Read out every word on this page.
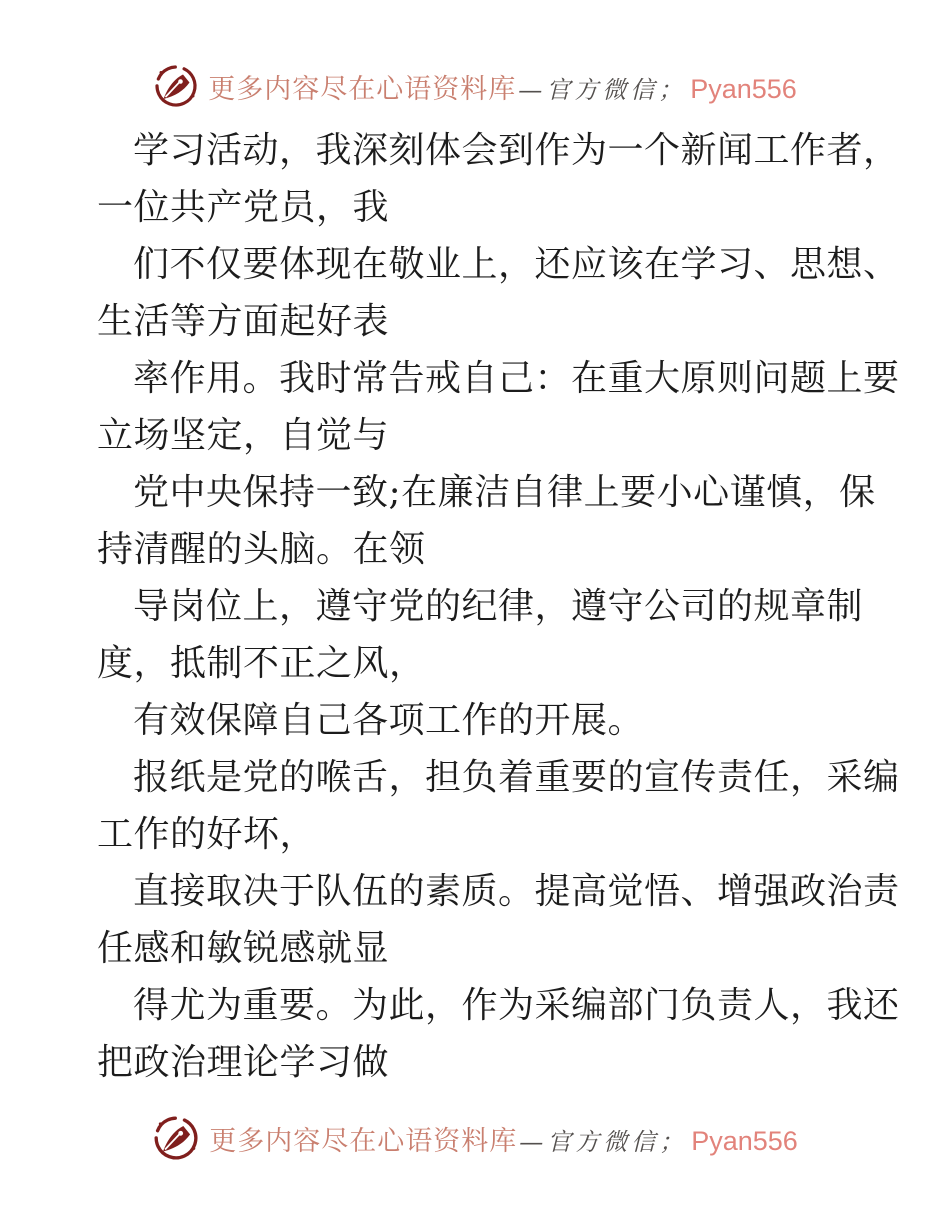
更多内容尽在心语资料库 —官方微信； Pyan556
学习活动，我深刻体会到作为一个新闻工作者，
一位共产党员，我
们不仅要体现在敬业上，还应该在学习、思想、
生活等方面起好表
率作用。我时常告戒自己：在重大原则问题上要
立场坚定，自觉与
党中央保持一致;在廉洁自律上要小心谨慎，保
持清醒的头脑。在领
导岗位上，遵守党的纪律，遵守公司的规章制
度，抵制不正之风，
有效保障自己各项工作的开展。
报纸是党的喉舌，担负着重要的宣传责任，采编
工作的好坏，
直接取决于队伍的素质。提高觉悟、增强政治责
任感和敏锐感就显
得尤为重要。为此，作为采编部门负责人，我还
把政治理论学习做
更多内容尽在心语资料库 —官方微信； Pyan556
